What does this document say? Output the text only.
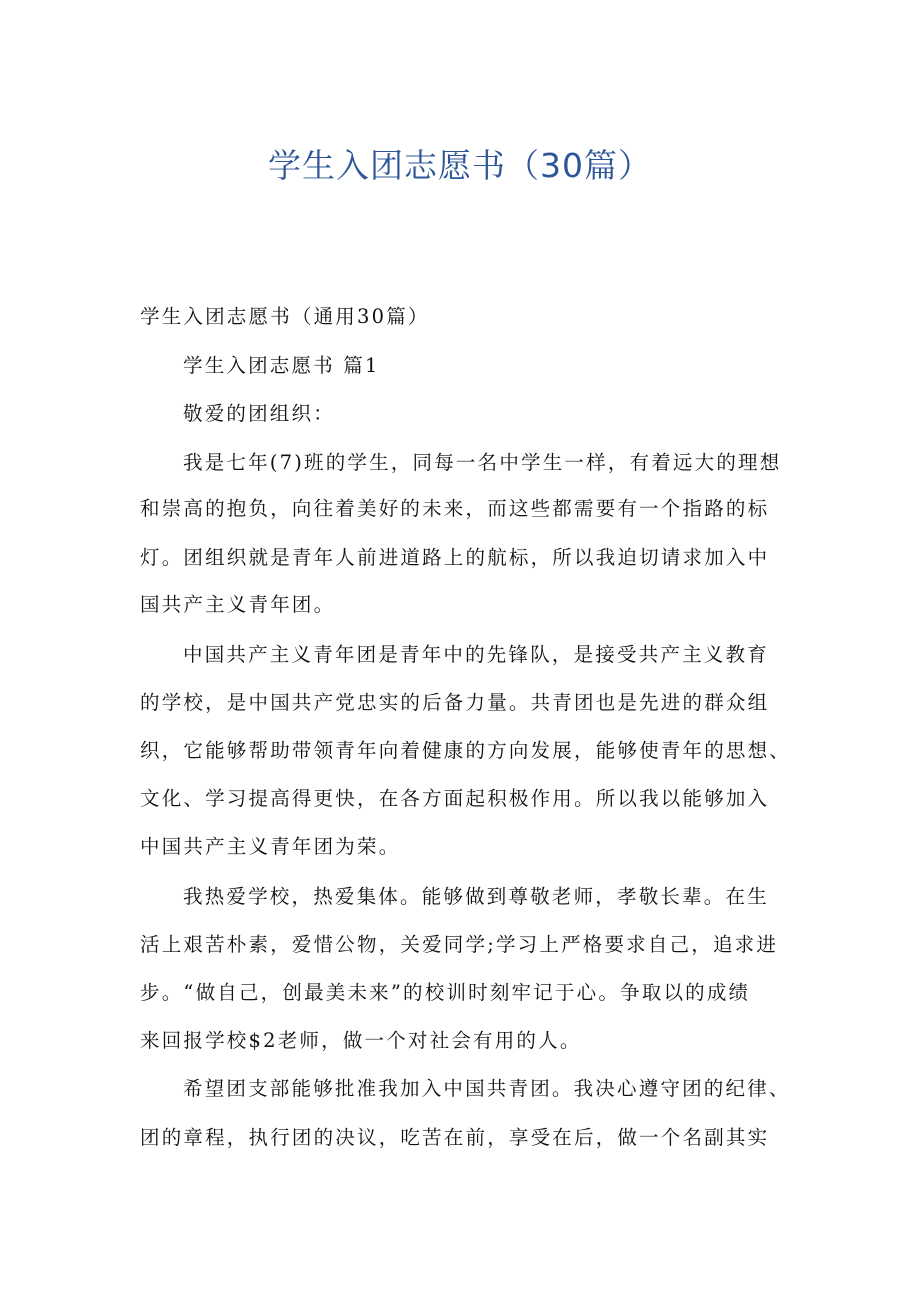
学生入团志愿书（30篇）

学生入团志愿书（通用30篇）

学生入团志愿书 篇1

敬爱的团组织：

我是七年(7)班的学生，同每一名中学生一样，有着远大的理想

和崇高的抱负，向往着美好的未来，而这些都需要有一个指路的标

灯。团组织就是青年人前进道路上的航标，所以我迫切请求加入中

国共产主义青年团。

中国共产主义青年团是青年中的先锋队，是接受共产主义教育

的学校，是中国共产党忠实的后备力量。共青团也是先进的群众组

织，它能够帮助带领青年向着健康的方向发展，能够使青年的思想、

文化、学习提高得更快，在各方面起积极作用。所以我以能够加入

中国共产主义青年团为荣。

我热爱学校，热爱集体。能够做到尊敬老师，孝敬长辈。在生

活上艰苦朴素，爱惜公物，关爱同学;学习上严格要求自己，追求进

步。“做自己，创最美未来”的校训时刻牢记于心。争取以的成绩

来回报学校$2老师，做一个对社会有用的人。

希望团支部能够批准我加入中国共青团。我决心遵守团的纪律、

团的章程，执行团的决议，吃苦在前，享受在后，做一个名副其实
